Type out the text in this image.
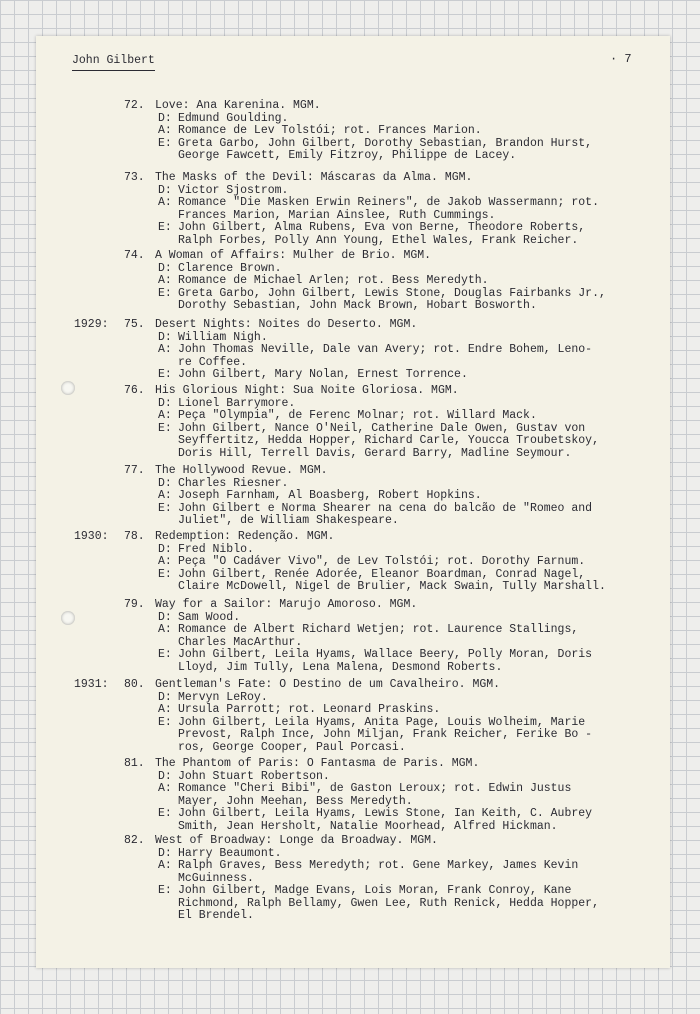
John Gilbert	· 7
72. Love: Ana Karenina. MGM.
D: Edmund Goulding.
A: Romance de Lev Tolstói; rot. Frances Marion.
E: Greta Garbo, John Gilbert, Dorothy Sebastian, Brandon Hurst,
George Fawcett, Emily Fitzroy, Philippe de Lacey.
73. The Masks of the Devil: Máscaras da Alma. MGM.
D: Victor Sjostrom.
A: Romance "Die Masken Erwin Reiners", de Jakob Wassermann; rot.
Frances Marion, Marian Ainslee, Ruth Cummings.
E: John Gilbert, Alma Rubens, Eva von Berne, Theodore Roberts,
Ralph Forbes, Polly Ann Young, Ethel Wales, Frank Reicher.
74. A Woman of Affairs: Mulher de Brio. MGM.
D: Clarence Brown.
A: Romance de Michael Arlen; rot. Bess Meredyth.
E: Greta Garbo, John Gilbert, Lewis Stone, Douglas Fairbanks Jr.,
Dorothy Sebastian, John Mack Brown, Hobart Bosworth.
1929: 75. Desert Nights: Noites do Deserto. MGM.
D: William Nigh.
A: John Thomas Neville, Dale van Avery; rot. Endre Bohem, Leno-
re Coffee.
E: John Gilbert, Mary Nolan, Ernest Torrence.
76. His Glorious Night: Sua Noite Gloriosa. MGM.
D: Lionel Barrymore.
A: Peça "Olympia", de Ferenc Molnar; rot. Willard Mack.
E: John Gilbert, Nance O'Neil, Catherine Dale Owen, Gustav von
Seyffertitz, Hedda Hopper, Richard Carle, Youcca Troubetskoy,
Doris Hill, Terrell Davis, Gerard Barry, Madline Seymour.
77. The Hollywood Revue. MGM.
D: Charles Riesner.
A: Joseph Farnham, Al Boasberg, Robert Hopkins.
E: John Gilbert e Norma Shearer na cena do balcão de "Romeo and
Juliet", de William Shakespeare.
1930: 78. Redemption: Redenção. MGM.
D: Fred Niblo.
A: Peça "O Cadáver Vivo", de Lev Tolstói; rot. Dorothy Farnum.
E: John Gilbert, Renée Adorée, Eleanor Boardman, Conrad Nagel,
Claire McDowell, Nigel de Brulier, Mack Swain, Tully Marshall.
79. Way for a Sailor: Marujo Amoroso. MGM.
D: Sam Wood.
A: Romance de Albert Richard Wetjen; rot. Laurence Stallings,
Charles MacArthur.
E: John Gilbert, Leila Hyams, Wallace Beery, Polly Moran, Doris
Lloyd, Jim Tully, Lena Malena, Desmond Roberts.
1931: 80. Gentleman's Fate: O Destino de um Cavalheiro. MGM.
D: Mervyn LeRoy.
A: Ursula Parrott; rot. Leonard Praskins.
E: John Gilbert, Leila Hyams, Anita Page, Louis Wolheim, Marie
Prevost, Ralph Ince, John Miljan, Frank Reicher, Ferike Bo -
ros, George Cooper, Paul Porcasi.
81. The Phantom of Paris: O Fantasma de Paris. MGM.
D: John Stuart Robertson.
A: Romance "Cheri Bibi", de Gaston Leroux; rot. Edwin Justus
Mayer, John Meehan, Bess Meredyth.
E: John Gilbert, Leila Hyams, Lewis Stone, Ian Keith, C. Aubrey
Smith, Jean Hersholt, Natalie Moorhead, Alfred Hickman.
82. West of Broadway: Longe da Broadway. MGM.
D: Harry Beaumont.
A: Ralph Graves, Bess Meredyth; rot. Gene Markey, James Kevin
McGuinness.
E: John Gilbert, Madge Evans, Lois Moran, Frank Conroy, Kane
Richmond, Ralph Bellamy, Gwen Lee, Ruth Renick, Hedda Hopper,
El Brendel.
